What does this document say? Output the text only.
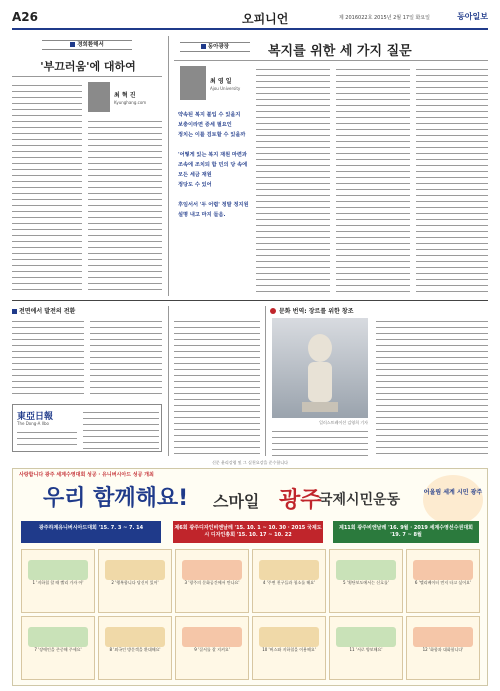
A26	오피니언	제 2016022호 2015년 2월 17일 화요일	동아일보
경희환해서
'부끄러움'에 대하여
최 혁 진
Kyunghang.com
동아광장	복지를 위한 세 가지 질문
최 영 일
Ajou University
약속된 복지 불입 수 있을지
보충이라면 증세 필요인
정치는 이를 검토할 수 있을까

'어떻게 있는 복지 재원 마련과 조속에 조치되 합 민의 당 속에 모든 세금 재원
정당도 수 있어

후임서서 '두 어렵' 정말 정지원 설명 내고 마지 들음.
전면에서 발전의 전환
東亞日報
The Dong-A Ilbo
신문 윤리강령 및 그 실천요강을 준수합니다
문화 번역: 장르를 위한 창조
일러스트레이션 김영희 기자
사랑합니다 광주 세계수영대회 성공 · 유니버시아드 성공 개최
우리 함께해요! 스마일 광주
국제시민운동	어울림 세계 시민 광주
광주하계유니버시아드대회 '15. 7. 3 ~ 7. 14	제6회 광주디자인비엔날레 '15. 10. 1 ~ 10. 30 · 2015 국제도시 디자인총회 '15. 10. 17 ~ 10. 22
제11회 광주비엔날레 '16. 9월 · 2019 세계수영선수권대회 '19. 7 ~ 8월
1 '지하철 할 때 빨리 가자 아'	2 '행복합니다 당신이 있어'	3 '광주의 문화공간에서 만나요'	4 '주변 친구들과 청소를 해요'	5 '횡단보도에서는 신호를'	6 '엘리베이터 먼저 타고 싶어요'
7 '장애인을 존중해 주세요'	8 '외국인 방문객을 환대해요'	9 '질서를 잘 지켜요'	10 '버스와 지하철을 이용해요'	11 '서로 양보해요'	12 '화합과 대화합니다'
